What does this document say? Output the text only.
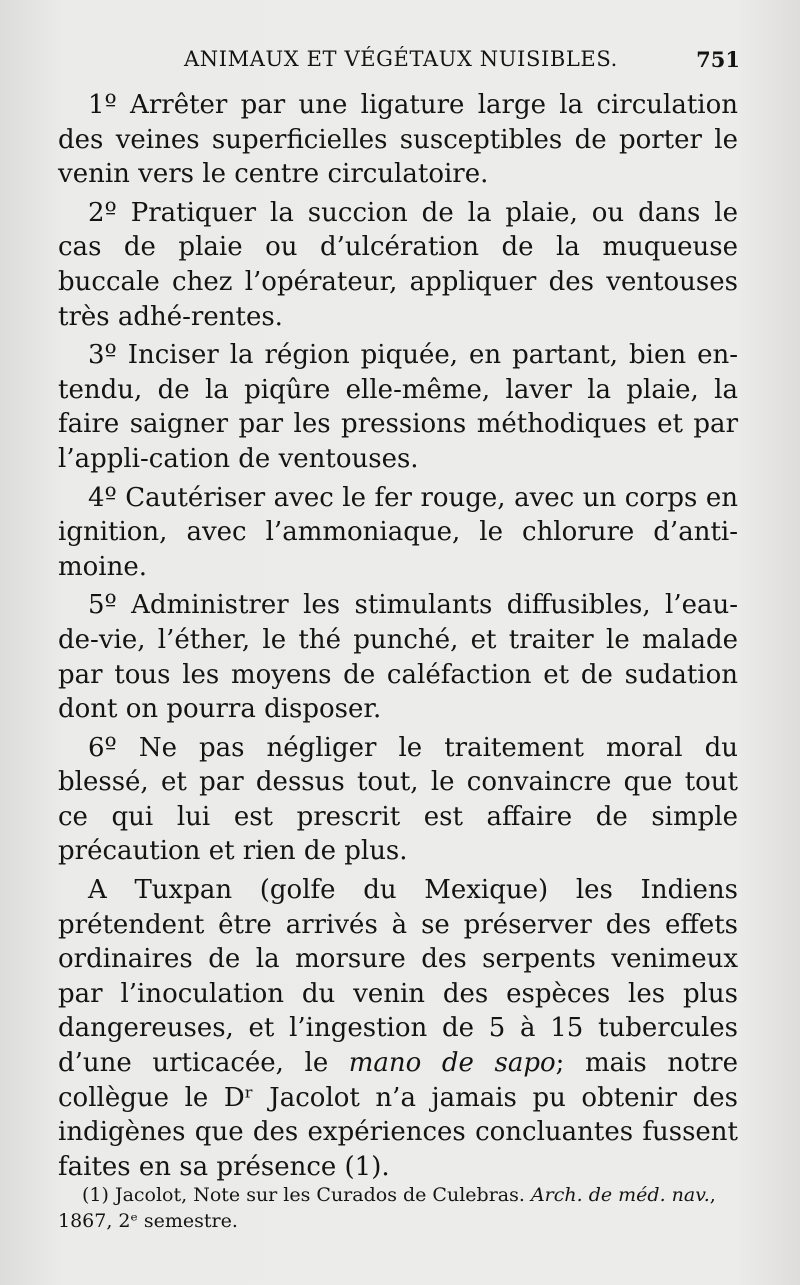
ANIMAUX ET VÉGÉTAUX NUISIBLES.	751

1º Arrêter par une ligature large la circulation des veines superficielles susceptibles de porter le venin vers le centre circulatoire.

2º Pratiquer la succion de la plaie, ou dans le cas de plaie ou d’ulcération de la muqueuse buccale chez l’opérateur, appliquer des ventouses très adhé-rentes.

3º Inciser la région piquée, en partant, bien en-tendu, de la piqûre elle-même, laver la plaie, la faire saigner par les pressions méthodiques et par l’appli-cation de ventouses.

4º Cautériser avec le fer rouge, avec un corps en ignition, avec l’ammoniaque, le chlorure d’anti-moine.

5º Administrer les stimulants diffusibles, l’eau-de-vie, l’éther, le thé punché, et traiter le malade par tous les moyens de caléfaction et de sudation dont on pourra disposer.

6º Ne pas négliger le traitement moral du blessé, et par dessus tout, le convaincre que tout ce qui lui est prescrit est affaire de simple précaution et rien de plus.

A Tuxpan (golfe du Mexique) les Indiens prétendent être arrivés à se préserver des effets ordinaires de la morsure des serpents venimeux par l’inoculation du venin des espèces les plus dangereuses, et l’ingestion de 5 à 15 tubercules d’une urticacée, le mano de sapo; mais notre collègue le Dʳ Jacolot n’a jamais pu obtenir des indigènes que des expériences concluantes fussent faites en sa présence (1).

(1) Jacolot, Note sur les Curados de Culebras. Arch. de méd. nav., 1867, 2ᵉ semestre.
